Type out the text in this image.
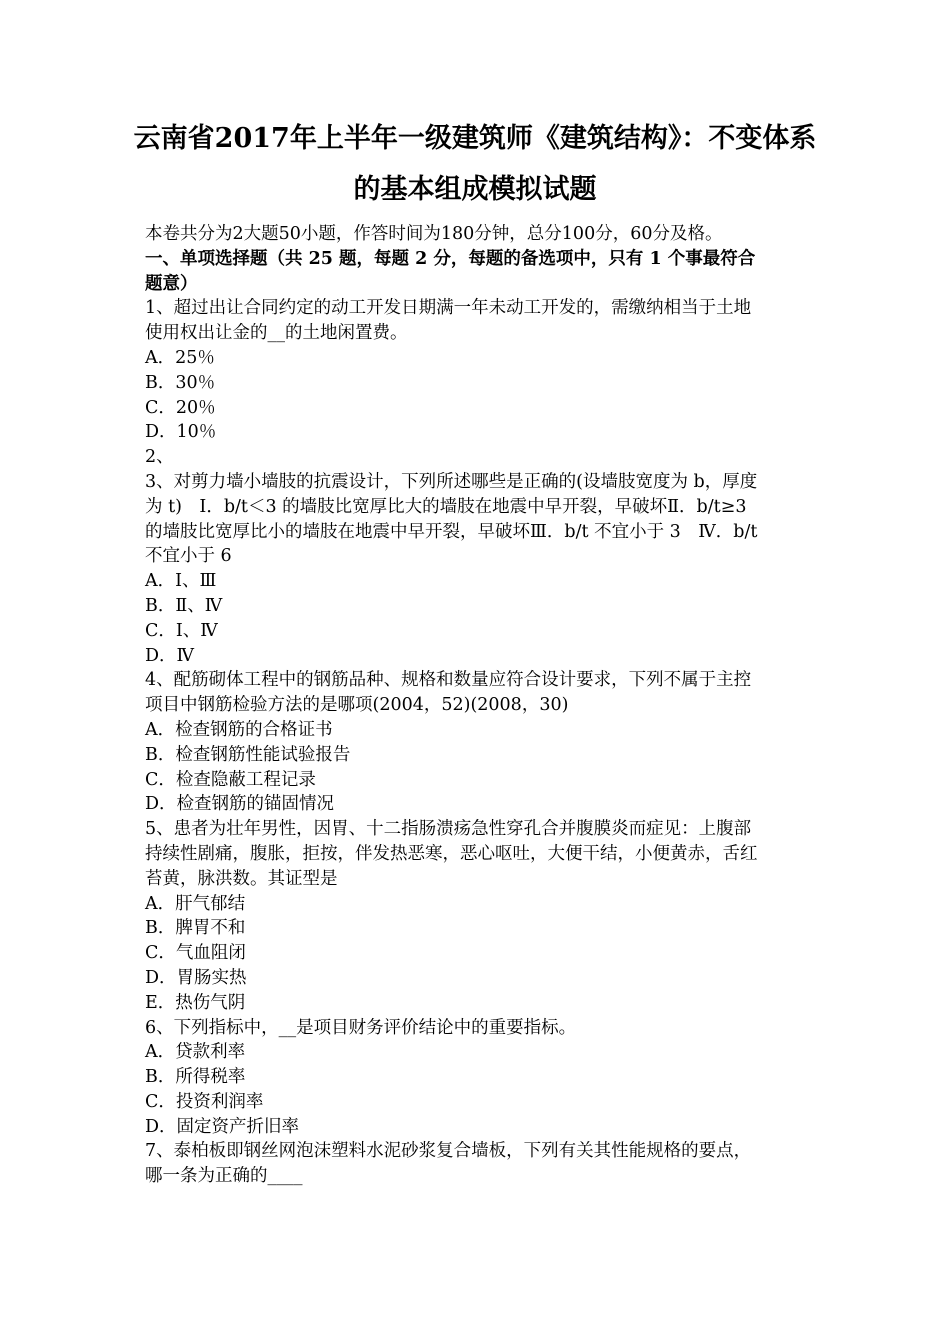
云南省2017年上半年一级建筑师《建筑结构》：不变体系
的基本组成模拟试题
本卷共分为2大题50小题，作答时间为180分钟，总分100分，60分及格。
一、单项选择题（共 25 题，每题 2 分，每题的备选项中，只有 1 个事最符合
题意）
1、超过出让合同约定的动工开发日期满一年未动工开发的，需缴纳相当于土地
使用权出让金的__的土地闲置费。
A．25％
B．30％
C．20％
D．10％
2、
3、对剪力墙小墙肢的抗震设计，下列所述哪些是正确的(设墙肢宽度为 b，厚度
为 t)　Ⅰ．b/t＜3 的墙肢比宽厚比大的墙肢在地震中早开裂，早破坏Ⅱ．b/t≥3
的墙肢比宽厚比小的墙肢在地震中早开裂，早破坏Ⅲ．b/t 不宜小于 3　Ⅳ．b/t
不宜小于 6
A．Ⅰ、Ⅲ
B．Ⅱ、Ⅳ
C．Ⅰ、Ⅳ
D．Ⅳ
4、配筋砌体工程中的钢筋品种、规格和数量应符合设计要求，下列不属于主控
项目中钢筋检验方法的是哪项(2004，52)(2008，30)
A．检查钢筋的合格证书
B．检查钢筋性能试验报告
C．检查隐蔽工程记录
D．检查钢筋的锚固情况
5、患者为壮年男性，因胃、十二指肠溃疡急性穿孔合并腹膜炎而症见：上腹部
持续性剧痛，腹胀，拒按，伴发热恶寒，恶心呕吐，大便干结，小便黄赤，舌红
苔黄，脉洪数。其证型是
A．肝气郁结
B．脾胃不和
C．气血阻闭
D．胃肠实热
E．热伤气阴
6、下列指标中，__是项目财务评价结论中的重要指标。
A．贷款利率
B．所得税率
C．投资利润率
D．固定资产折旧率
7、泰柏板即钢丝网泡沫塑料水泥砂浆复合墙板，下列有关其性能规格的要点，
哪一条为正确的____
